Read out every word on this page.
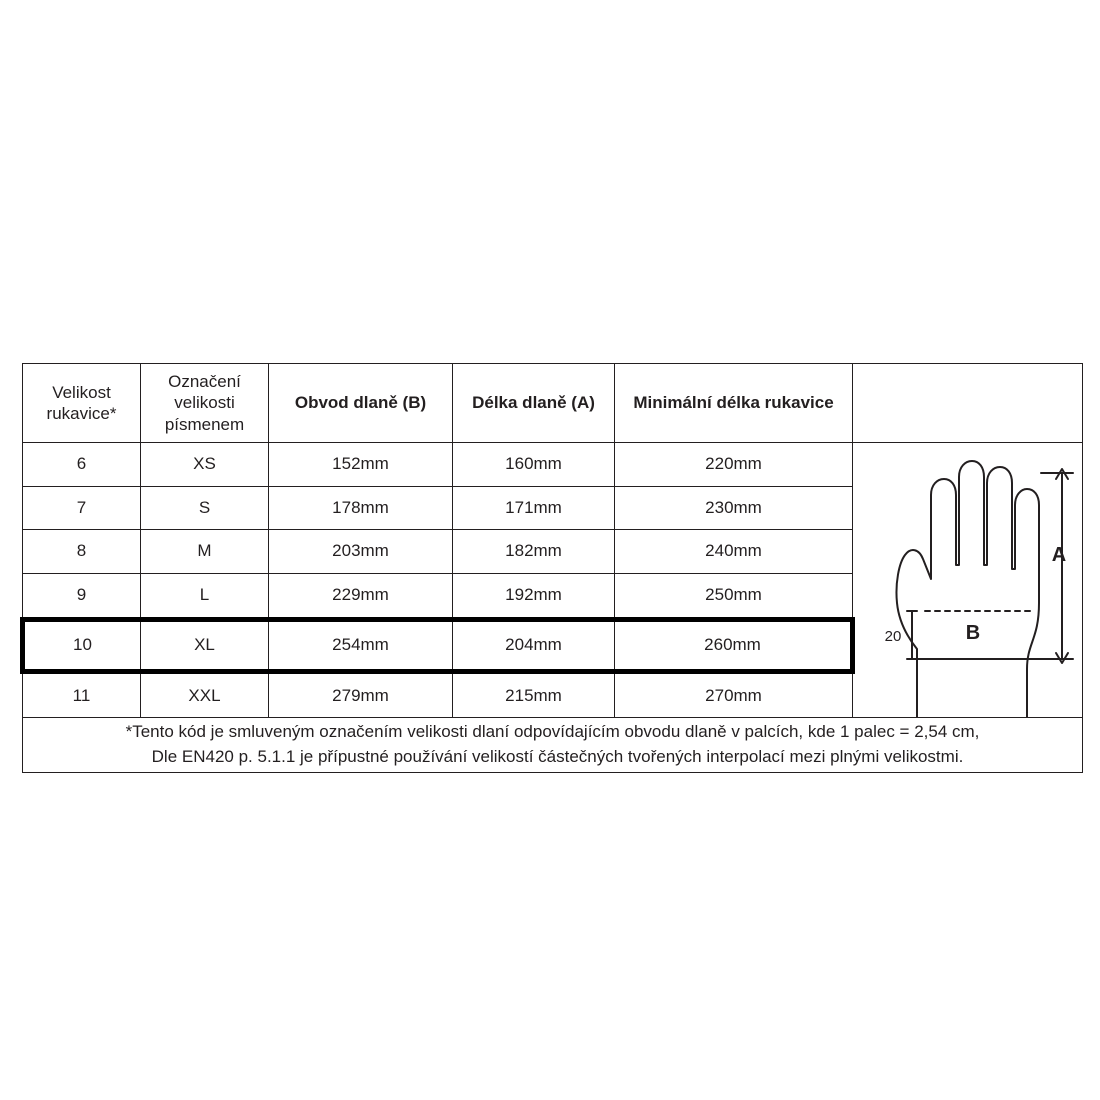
Velikost rukavice*	Označení velikosti písmenem	Obvod dlaně (B)	Délka dlaně (A)	Minimální délka rukavice	
6	XS	152mm	160mm	220mm	A
B
20

7	S	178mm	171mm	230mm	
8	M	203mm	182mm	240mm	
9	L	229mm	192mm	250mm	
10	XL	254mm	204mm	260mm	
11	XXL	279mm	215mm	270mm	

*Tento kód je smluveným označením velikosti dlaní odpovídajícím obvodu dlaně v palcích, kde 1 palec = 2,54 cm,
Dle EN420 p. 5.1.1 je přípustné používání velikostí částečných tvořených interpolací mezi plnými velikostmi.					
